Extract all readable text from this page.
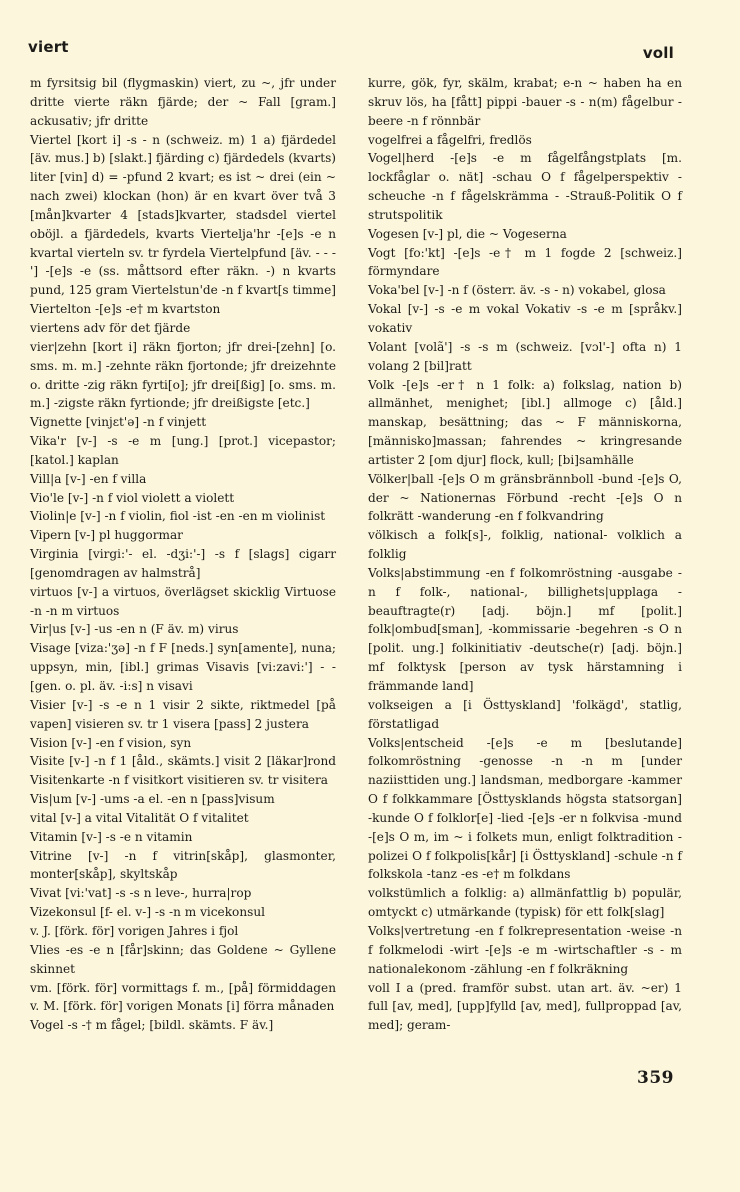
viert	voll

m fyrsitsig bil (flygmaskin) viert, zu ~, jfr under dritte vierte räkn fjärde; der ~ Fall [gram.] ackusativ; jfr dritte

Viertel [kort i] -s - n (schweiz. m) 1 a) fjärdedel [äv. mus.] b) [slakt.] fjärding c) fjärdedels (kvarts) liter [vin] d) = -pfund 2 kvart; es ist ~ drei (ein ~ nach zwei) klockan (hon) är en kvart över två 3 [mån]kvarter 4 [stads]kvarter, stadsdel viertel oböjl. a fjärdedels, kvarts Viertelja'hr -[e]s -e n kvartal vierteln sv. tr fyrdela Viertelpfund [äv. - - -'] -[e]s -e (ss. måttsord efter räkn. -) n kvarts pund, 125 gram Viertelstun'de -n f kvart[s timme] Viertelton -[e]s -e† m kvartston

viertens adv för det fjärde

vier|zehn [kort i] räkn fjorton; jfr drei-[zehn] [o. sms. m. m.] -zehnte räkn fjortonde; jfr dreizehnte o. dritte -zig räkn fyrti[o]; jfr drei[ßig] [o. sms. m. m.] -zigste räkn fyrtionde; jfr dreißigste [etc.]

Vignette [vinjɛt'ə] -n f vinjett

Vika'r [v-] -s -e m [ung.] [prot.] vicepastor; [katol.] kaplan

Vill|a [v-] -en f villa

Vio'le [v-] -n f viol violett a violett

Violin|e [v-] -n f violin, fiol -ist -en -en m violinist

Vipern [v-] pl huggormar

Virginia [virgi:'- el. -dʒi:'-] -s f [slags] cigarr [genomdragen av halmstrå]

virtuos [v-] a virtuos, överlägset skicklig Virtuose -n -n m virtuos

Vir|us [v-] -us -en n (F äv. m) virus

Visage [viza:'ʒə] -n f F [neds.] syn[amente], nuna; uppsyn, min, [ibl.] grimas Visavis [vi:zavi:'] - - [gen. o. pl. äv. -i:s] n visavi

Visier [v-] -s -e n 1 visir 2 sikte, riktmedel [på vapen] visieren sv. tr 1 visera [pass] 2 justera

Vision [v-] -en f vision, syn

Visite [v-] -n f 1 [åld., skämts.] visit 2 [läkar]rond Visitenkarte -n f visitkort visitieren sv. tr visitera

Vis|um [v-] -ums -a el. -en n [pass]visum

vital [v-] a vital Vitalität O f vitalitet

Vitamin [v-] -s -e n vitamin

Vitrine [v-] -n f vitrin[skåp], glasmonter, monter[skåp], skyltskåp

Vivat [vi:'vat] -s -s n leve-, hurra|rop

Vizekonsul [f- el. v-] -s -n m vicekonsul

v. J. [förk. för] vorigen Jahres i fjol

Vlies -es -e n [får]skinn; das Goldene ~ Gyllene skinnet

vm. [förk. för] vormittags f. m., [på] förmiddagen v. M. [förk. för] vorigen Monats [i] förra månaden

Vogel -s -† m fågel; [bildl. skämts. F äv.]

kurre, gök, fyr, skälm, krabat; e-n ~ haben ha en skruv lös, ha [fått] pippi -bauer -s - n(m) fågelbur -beere -n f rönnbär

vogelfrei a fågelfri, fredlös

Vogel|herd -[e]s -e m fågelfångstplats [m. lockfåglar o. nät] -schau O f fågelperspektiv -scheuche -n f fågelskrämma - -Strauß-Politik O f strutspolitik

Vogesen [v-] pl, die ~ Vogeserna

Vogt [fo:'kt] -[e]s -e† m 1 fogde 2 [schweiz.] förmyndare

Voka'bel [v-] -n f (österr. äv. -s - n) vokabel, glosa

Vokal [v-] -s -e m vokal Vokativ -s -e m [språkv.] vokativ

Volant [volã'] -s -s m (schweiz. [vɔl'-] ofta n) 1 volang 2 [bil]ratt

Volk -[e]s -er† n 1 folk: a) folkslag, nation b) allmänhet, menighet; [ibl.] allmoge c) [åld.] manskap, besättning; das ~ F människorna, [människo]massan; fahrendes ~ kringresande artister 2 [om djur] flock, kull; [bi]samhälle

Völker|ball -[e]s O m gränsbrännboll -bund -[e]s O, der ~ Nationernas Förbund -recht -[e]s O n folkrätt -wanderung -en f folkvandring

völkisch a folk[s]-, folklig, national- volklich a folklig

Volks|abstimmung -en f folkomröstning -ausgabe -n f folk-, national-, billighets|upplaga -beauftragte(r) [adj. böjn.] mf [polit.] folk|ombud[sman], -kommissarie -begehren -s O n [polit. ung.] folkinitiativ -deutsche(r) [adj. böjn.] mf folktysk [person av tysk härstamning i främmande land]

volkseigen a [i Östtyskland] 'folkägd', statlig, förstatligad

Volks|entscheid -[e]s -e m [beslutande] folkomröstning -genosse -n -n m [under naziisttiden ung.] landsman, medborgare -kammer O f folkkammare [Östtysklands högsta statsorgan] -kunde O f folklor[e] -lied -[e]s -er n folkvisa -mund -[e]s O m, im ~ i folkets mun, enligt folktradition -polizei O f folkpolis[kår] [i Östtyskland] -schule -n f folkskola -tanz -es -e† m folkdans

volkstümlich a folklig: a) allmänfattlig b) populär, omtyckt c) utmärkande (typisk) för ett folk[slag]

Volks|vertretung -en f folkrepresentation -weise -n f folkmelodi -wirt -[e]s -e m -wirtschaftler -s - m nationalekonom -zählung -en f folkräkning

voll I a (pred. framför subst. utan art. äv. ~er) 1 full [av, med], [upp]fylld [av, med], fullproppad [av, med]; geram-

359
